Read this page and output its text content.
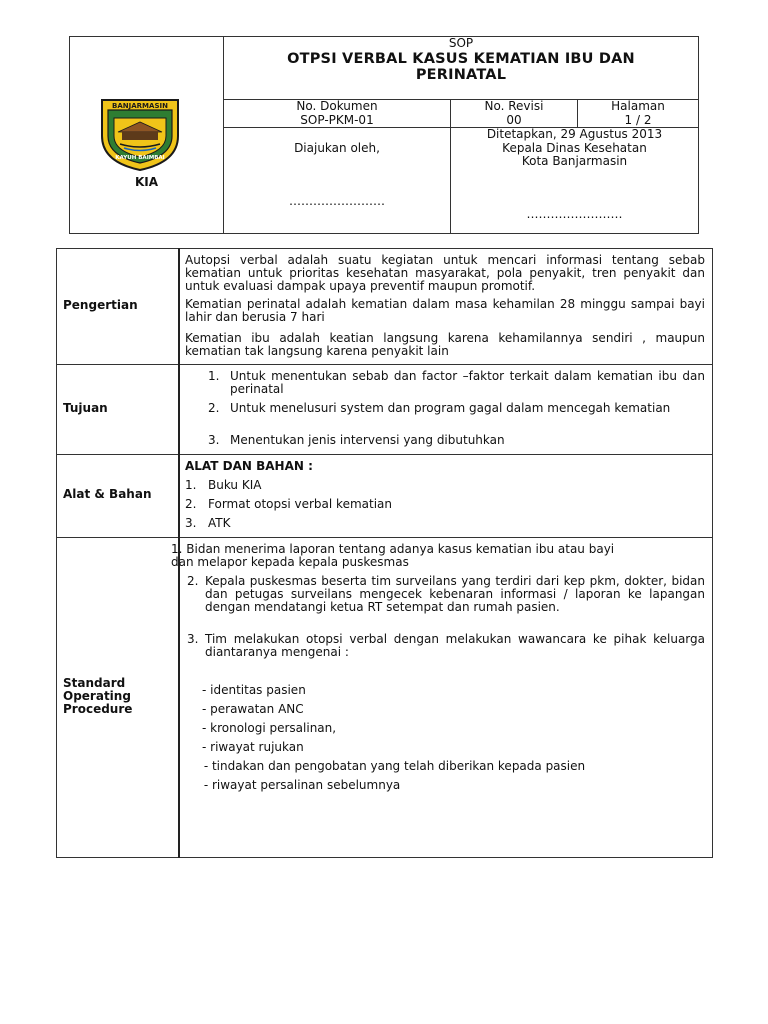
BANJARMASIN
KAYUH BAIMBAI
KIA
SOP
OTPSI VERBAL KASUS KEMATIAN IBU DAN
PERINATAL
No. Dokumen
SOP-PKM-01
No. Revisi
00
Halaman
1 / 2
Diajukan oleh,
……………………
Ditetapkan, 29 Agustus 2013
Kepala Dinas Kesehatan
Kota Banjarmasin
……………………
Pengertian
Autopsi verbal adalah suatu kegiatan untuk mencari informasi tentang sebab kematian untuk prioritas kesehatan masyarakat, pola penyakit, tren penyakit dan untuk evaluasi dampak upaya preventif maupun promotif.
Kematian perinatal adalah kematian dalam masa kehamilan 28 minggu sampai bayi lahir dan berusia 7 hari
Kematian ibu adalah keatian langsung karena kehamilannya sendiri , maupun kematian tak langsung karena penyakit lain
Tujuan
1. Untuk menentukan sebab dan factor –faktor terkait dalam kematian ibu dan perinatal
2. Untuk menelusuri system dan program gagal dalam mencegah kematian
3. Menentukan jenis intervensi yang dibutuhkan
Alat & Bahan
ALAT DAN BAHAN :
1. Buku KIA
2. Format otopsi verbal kematian
3. ATK
Standard
Operating
Procedure
1. Bidan menerima laporan tentang adanya kasus kematian ibu atau bayi
dan melapor kepada kepala puskesmas
2. Kepala puskesmas beserta tim surveilans yang terdiri dari kep pkm, dokter, bidan dan petugas surveilans mengecek kebenaran informasi / laporan ke lapangan dengan mendatangi ketua RT setempat dan rumah pasien.
3. Tim melakukan otopsi verbal dengan melakukan wawancara ke pihak keluarga diantaranya mengenai :
- identitas pasien
- perawatan ANC
- kronologi persalinan,
- riwayat rujukan
- tindakan dan pengobatan yang telah diberikan kepada pasien
- riwayat persalinan sebelumnya
